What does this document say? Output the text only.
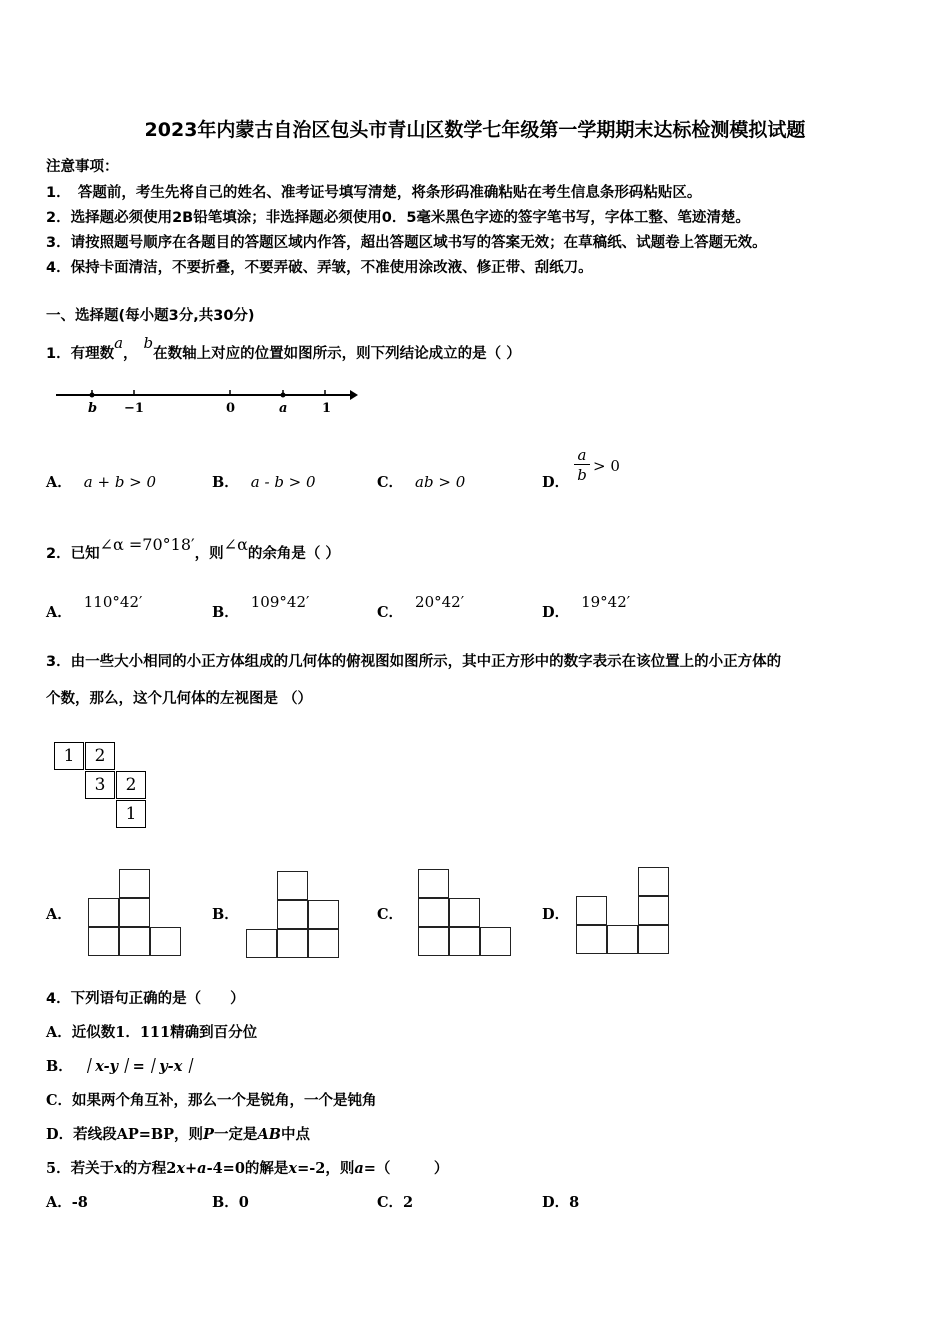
2023年内蒙古自治区包头市青山区数学七年级第一学期期末达标检测模拟试题
注意事项：
1．　答题前，考生先将自己的姓名、准考证号填写清楚，将条形码准确粘贴在考生信息条形码粘贴区。
2．选择题必须使用2B铅笔填涂；非选择题必须使用0．5毫米黑色字迹的签字笔书写，字体工整、笔迹清楚。
3．请按照题号顺序在各题目的答题区域内作答，超出答题区域书写的答案无效；在草稿纸、试题卷上答题无效。
4．保持卡面清洁，不要折叠，不要弄破、弄皱，不准使用涂改液、修正带、刮纸刀。
一、选择题(每小题3分,共30分)
1．有理数a，b在数轴上对应的位置如图所示，则下列结论成立的是（ ）
b −1	0	a	1
A． a + b > 0	B． a - b > 0	C． ab > 0	D．
a
b > 0
2．已知∠α =70°18′，则∠α的余角是（ ）
A．110°42′
B．109°42′
C．20°42′
D．19°42′
3．由一些大小相同的小正方体组成的几何体的俯视图如图所示，其中正方形中的数字表示在该位置上的小正方体的
个数，那么，这个几何体的左视图是 （）
1	2
3	2
1
A．	B．	C．	D．
4．下列语句正确的是（　　）
A．近似数1．111精确到百分位
B． ｜x-y｜=｜y-x｜
C．如果两个角互补，那么一个是锐角，一个是钝角
D．若线段AP=BP，则P一定是AB中点
5．若关于x的方程2x+a-4=0的解是x=-2，则a=（　　　）
A．-8	B．0	C．2	D．8
